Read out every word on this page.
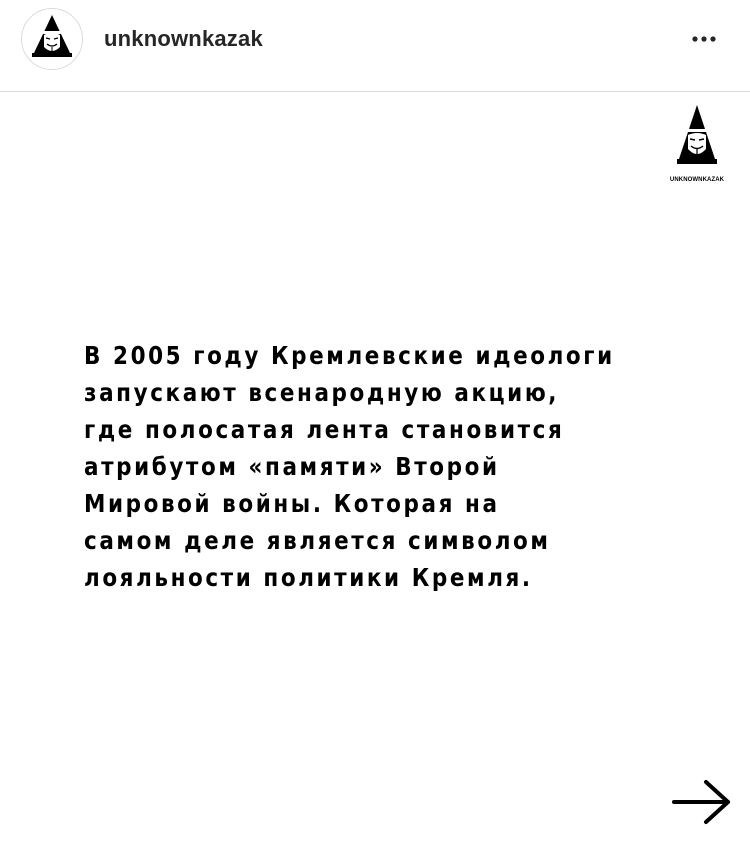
unknownkazak
UNKNOWNKAZAK
В 2005 году Кремлевские идеологи
запускают всенародную акцию,
где полосатая лента становится
атрибутом «памяти» Второй
Мировой войны. Которая на
самом деле является символом
лояльности политики Кремля.
